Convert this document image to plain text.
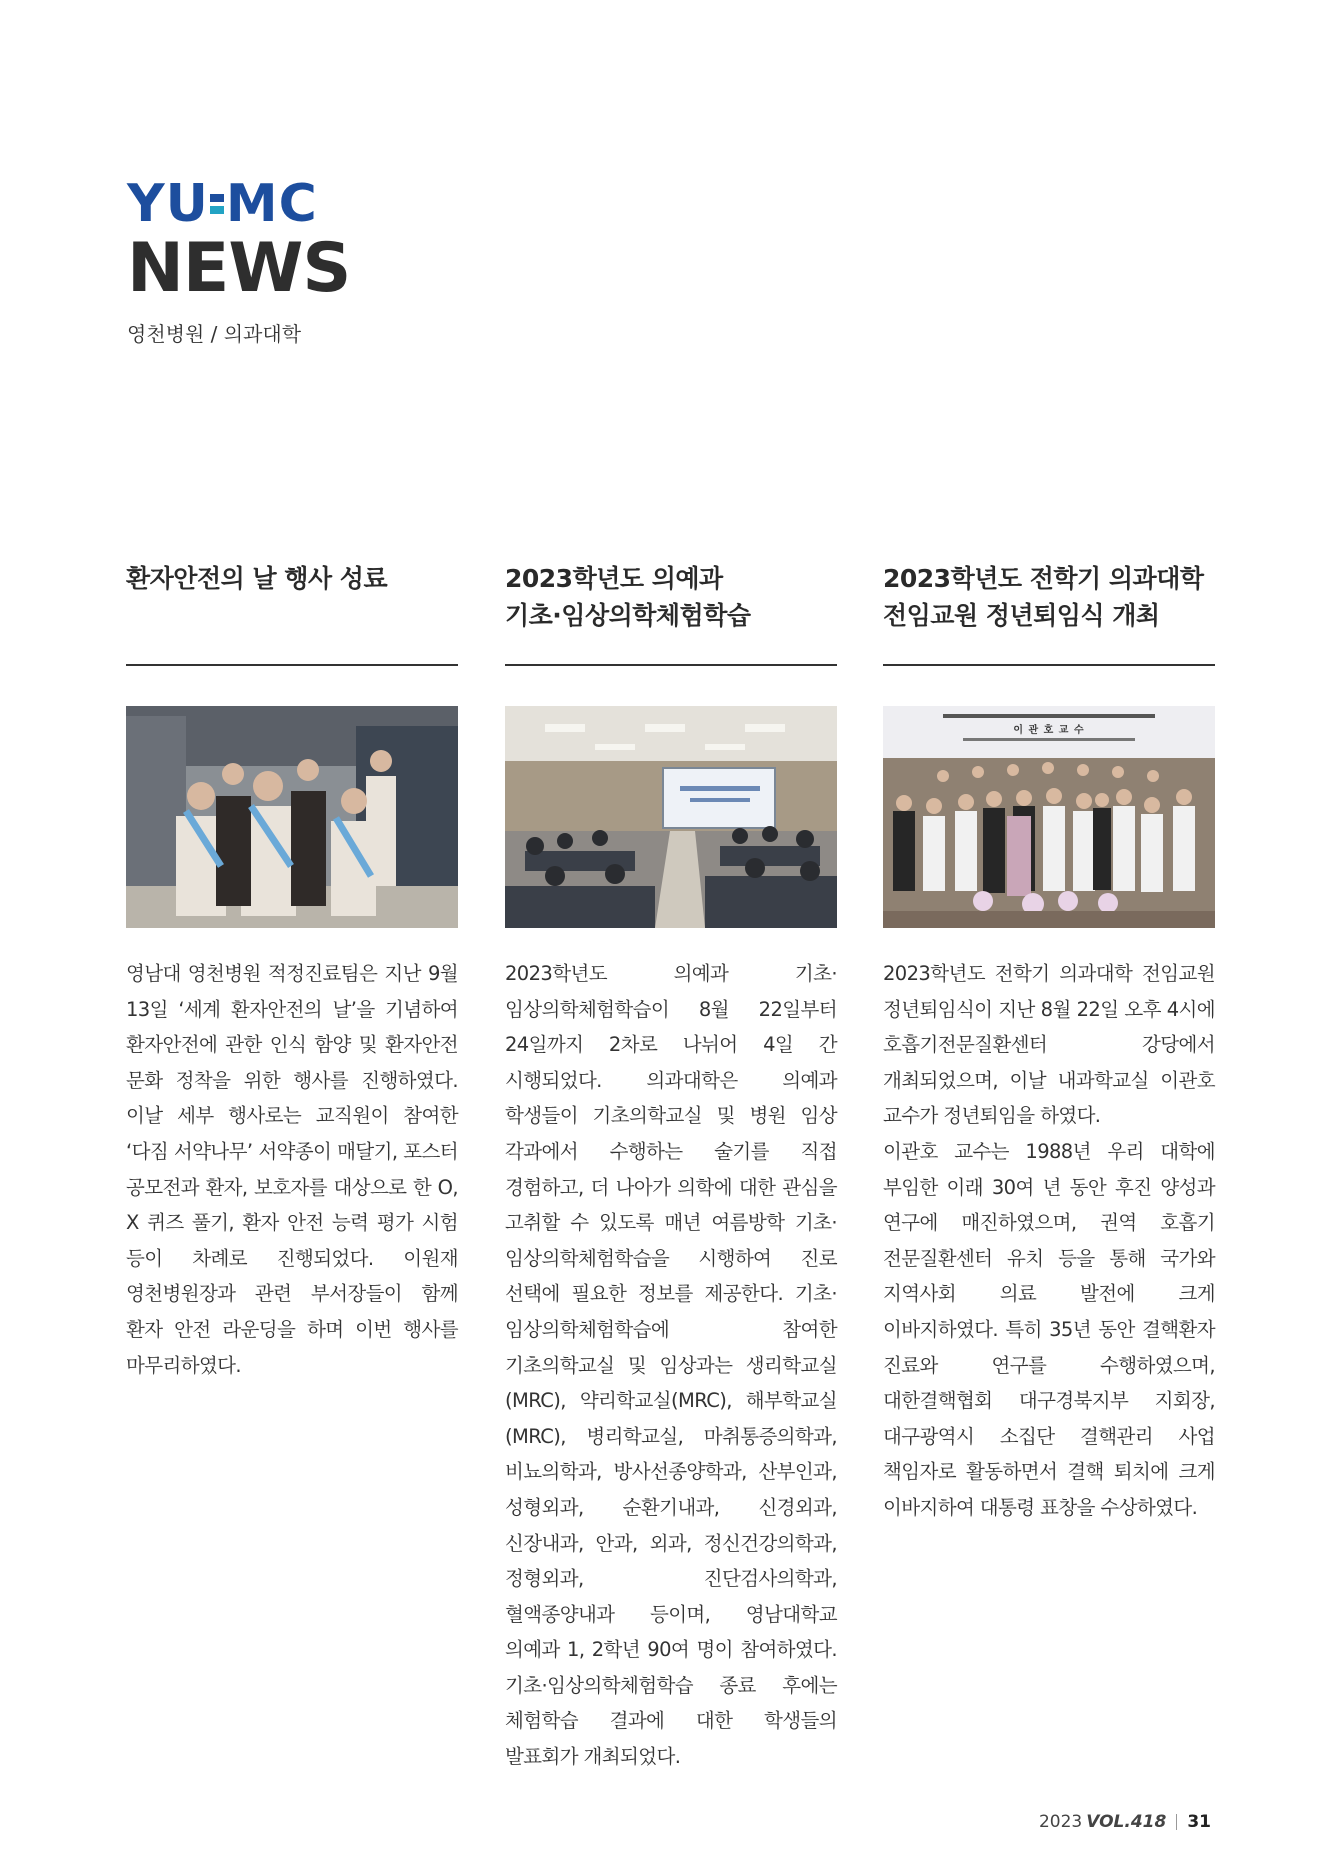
YU MC
NEWS
영천병원 / 의과대학
환자안전의 날 행사 성료
영남대 영천병원 적정진료팀은 지난 9월 13일 ‘세계 환자안전의 날’을 기념하여 환자안전에 관한 인식 함양 및 환자안전 문화 정착을 위한 행사를 진행하였다. 이날 세부 행사로는 교직원이 참여한 ‘다짐 서약나무’ 서약종이 매달기, 포스터 공모전과 환자, 보호자를 대상으로 한 O, X 퀴즈 풀기, 환자 안전 능력 평가 시험 등이 차례로 진행되었다. 이원재 영천병원장과 관련 부서장들이 함께 환자 안전 라운딩을 하며 이번 행사를 마무리하였다.
2023학년도 의예과
기초·임상의학체험학습
2023학년도 의예과 기초·임상의학체험학습이 8월 22일부터 24일까지 2차로 나뉘어 4일 간 시행되었다. 의과대학은 의예과 학생들이 기초의학교실 및 병원 임상 각과에서 수행하는 술기를 직접 경험하고, 더 나아가 의학에 대한 관심을 고취할 수 있도록 매년 여름방학 기초·임상의학체험학습을 시행하여 진로 선택에 필요한 정보를 제공한다. 기초·임상의학체험학습에 참여한 기초의학교실 및 임상과는 생리학교실(MRC), 약리학교실(MRC), 해부학교실(MRC), 병리학교실, 마취통증의학과, 비뇨의학과, 방사선종양학과, 산부인과, 성형외과, 순환기내과, 신경외과, 신장내과, 안과, 외과, 정신건강의학과, 정형외과, 진단검사의학과, 혈액종양내과 등이며, 영남대학교 의예과 1, 2학년 90여 명이 참여하였다. 기초·임상의학체험학습 종료 후에는 체험학습 결과에 대한 학생들의 발표회가 개최되었다.
2023학년도 전학기 의과대학
전임교원 정년퇴임식 개최
이 관 호 교 수
2023학년도 전학기 의과대학 전임교원 정년퇴임식이 지난 8월 22일 오후 4시에 호흡기전문질환센터 강당에서 개최되었으며, 이날 내과학교실 이관호 교수가 정년퇴임을 하였다.
이관호 교수는 1988년 우리 대학에 부임한 이래 30여 년 동안 후진 양성과 연구에 매진하였으며, 권역 호흡기 전문질환센터 유치 등을 통해 국가와 지역사회 의료 발전에 크게 이바지하였다. 특히 35년 동안 결핵환자 진료와 연구를 수행하였으며, 대한결핵협회 대구경북지부 지회장, 대구광역시 소집단 결핵관리 사업 책임자로 활동하면서 결핵 퇴치에 크게 이바지하여 대통령 표창을 수상하였다.
2023 VOL.418 31
